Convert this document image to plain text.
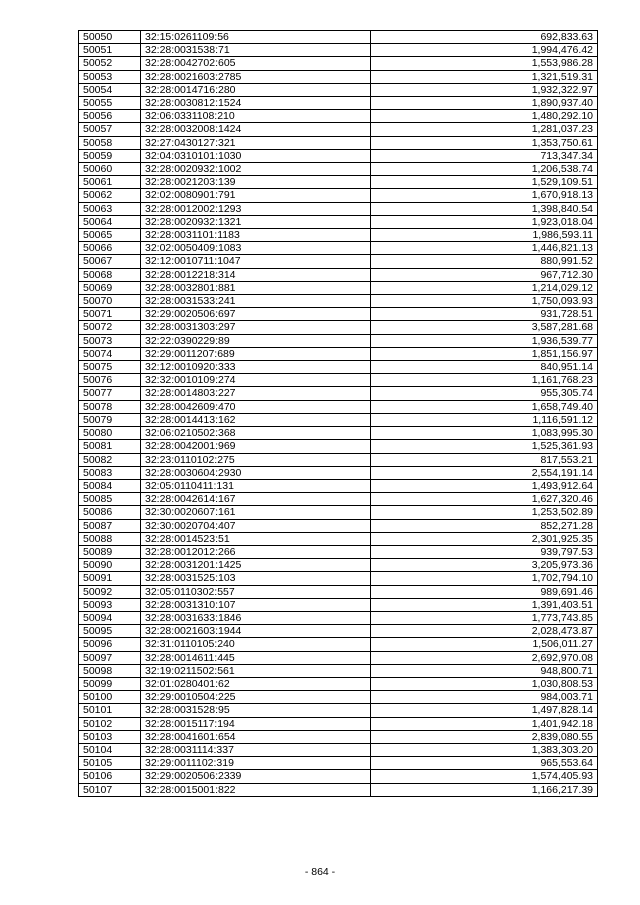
50050	32:15:0261109:56	692,833.63
50051	32:28:0031538:71	1,994,476.42
50052	32:28:0042702:605	1,553,986.28
50053	32:28:0021603:2785	1,321,519.31
50054	32:28:0014716:280	1,932,322.97
50055	32:28:0030812:1524	1,890,937.40
50056	32:06:0331108:210	1,480,292.10
50057	32:28:0032008:1424	1,281,037.23
50058	32:27:0430127:321	1,353,750.61
50059	32:04:0310101:1030	713,347.34
50060	32:28:0020932:1002	1,206,538.74
50061	32:28:0021203:139	1,529,109.51
50062	32:02:0080901:791	1,670,918.13
50063	32:28:0012002:1293	1,398,840.54
50064	32:28:0020932:1321	1,923,018.04
50065	32:28:0031101:1183	1,986,593.11
50066	32:02:0050409:1083	1,446,821.13
50067	32:12:0010711:1047	880,991.52
50068	32:28:0012218:314	967,712.30
50069	32:28:0032801:881	1,214,029.12
50070	32:28:0031533:241	1,750,093.93
50071	32:29:0020506:697	931,728.51
50072	32:28:0031303:297	3,587,281.68
50073	32:22:0390229:89	1,936,539.77
50074	32:29:0011207:689	1,851,156.97
50075	32:12:0010920:333	840,951.14
50076	32:32:0010109:274	1,161,768.23
50077	32:28:0014803:227	955,305.74
50078	32:28:0042609:470	1,658,749.40
50079	32:28:0014413:162	1,116,591.12
50080	32:06:0210502:368	1,083,995.30
50081	32:28:0042001:969	1,525,361.93
50082	32:23:0110102:275	817,553.21
50083	32:28:0030604:2930	2,554,191.14
50084	32:05:0110411:131	1,493,912.64
50085	32:28:0042614:167	1,627,320.46
50086	32:30:0020607:161	1,253,502.89
50087	32:30:0020704:407	852,271.28
50088	32:28:0014523:51	2,301,925.35
50089	32:28:0012012:266	939,797.53
50090	32:28:0031201:1425	3,205,973.36
50091	32:28:0031525:103	1,702,794.10
50092	32:05:0110302:557	989,691.46
50093	32:28:0031310:107	1,391,403.51
50094	32:28:0031633:1846	1,773,743.85
50095	32:28:0021603:1944	2,028,473.87
50096	32:31:0110105:240	1,506,011.27
50097	32:28:0014611:445	2,692,970.08
50098	32:19:0211502:561	948,800.71
50099	32:01:0280401:62	1,030,808.53
50100	32:29:0010504:225	984,003.71
50101	32:28:0031528:95	1,497,828.14
50102	32:28:0015117:194	1,401,942.18
50103	32:28:0041601:654	2,839,080.55
50104	32:28:0031114:337	1,383,303.20
50105	32:29:0011102:319	965,553.64
50106	32:29:0020506:2339	1,574,405.93
50107	32:28:0015001:822	1,166,217.39
- 864 -
